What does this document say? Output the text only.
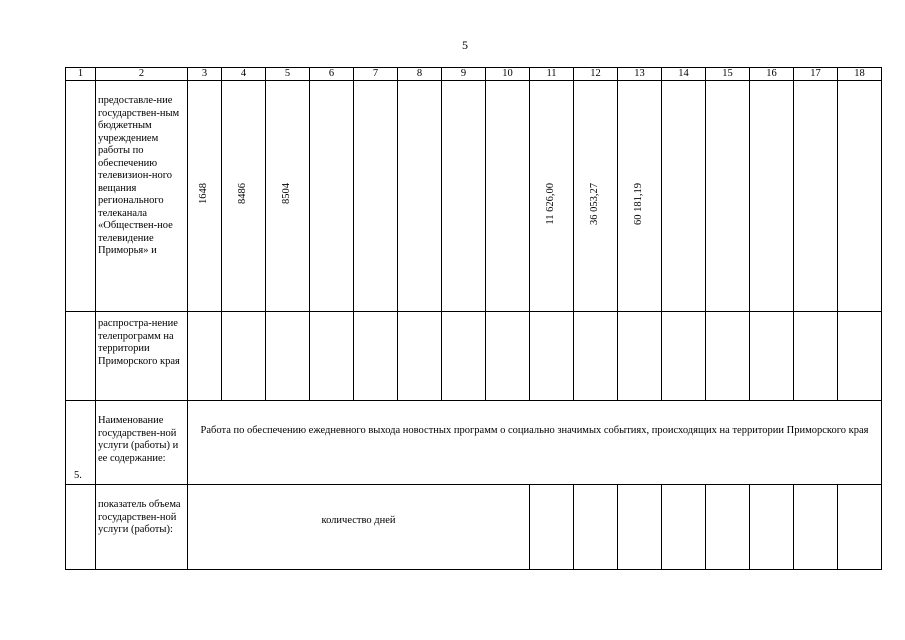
5
1	2	3	4	5	6	7	8	9	10	11	12	13	14	15	16	17	18
	предоставле-ние государствен-ным бюджетным учреждением работы по обеспечению телевизион-ного вещания регионального телеканала «Обществен-ное телевидение Приморья» и	1648	8486	8504						11 626,00	36 053,27	60 181,19					
	распростра-нение телепрограмм на территории Приморского края																
5.	Наименование государствен-ной услуги (работы) и ее содержание:	Работа по обеспечению ежедневного выхода новостных программ о социально значимых событиях, происходящих на территории Приморского края															
	показатель объема государствен-ной услуги (работы):	количество дней															
